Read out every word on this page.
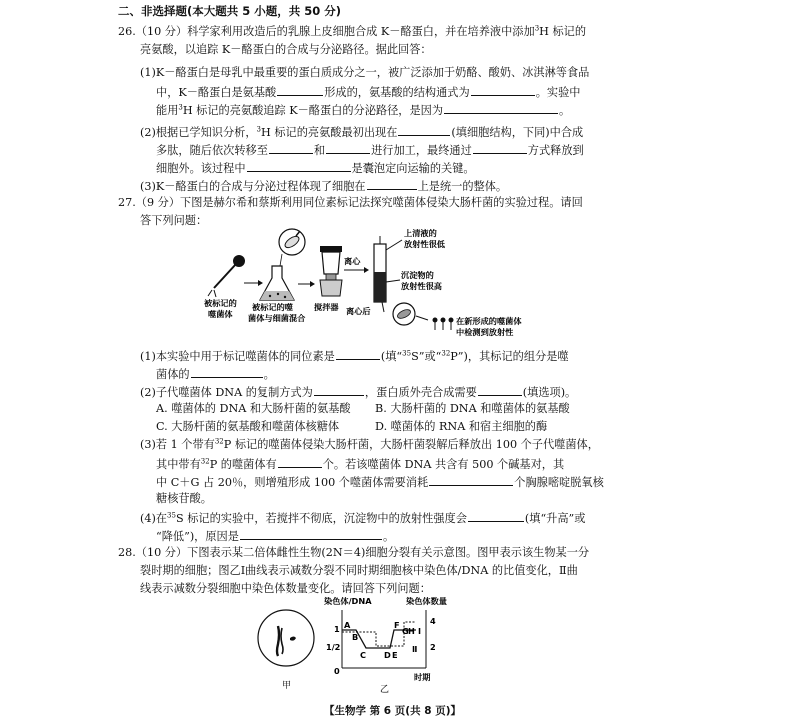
二、非选择题(本大题共 5 小题，共 50 分)
26.（10 分）科学家利用改造后的乳腺上皮细胞合成 K－酪蛋白，并在培养液中添加$^3$H 标记的
亮氨酸，以追踪 K－酪蛋白的合成与分泌路径。据此回答：
(1)K－酪蛋白是母乳中最重要的蛋白质成分之一，被广泛添加于奶酪、酸奶、冰淇淋等食品
中，K－酪蛋白是氨基酸	形成的，氨基酸的结构通式为	。实验中
能用$^3$H 标记的亮氨酸追踪 K－酪蛋白的分泌路径，是因为	。
(2)根据已学知识分析，$^3$H 标记的亮氨酸最初出现在	(填细胞结构，下同)中合成
多肽，随后依次转移至	和	进行加工，最终通过	方式释放到
细胞外。该过程中	是囊泡定向运输的关键。
(3)K－酪蛋白的合成与分泌过程体现了细胞在	上是统一的整体。
27.（9 分）下图是赫尔希和蔡斯利用同位素标记法探究噬菌体侵染大肠杆菌的实验过程。请回
答下列问题：
被标记的
噬菌体
被标记的噬
菌体与细菌混合
搅拌器
离心
离心后
上清液的
放射性很低
沉淀物的
放射性很高
在新形成的噬菌体
中检测到放射性
(1)本实验中用于标记噬菌体的同位素是	(填“$^{35}$S”或“$^{32}$P”)，其标记的组分是噬
菌体的	。
(2)子代噬菌体 DNA 的复制方式为	，蛋白质外壳合成需要	(填选项)。
A. 噬菌体的 DNA 和大肠杆菌的氨基酸 B. 大肠杆菌的 DNA 和噬菌体的氨基酸
C. 大肠杆菌的氨基酸和噬菌体核糖体	D. 噬菌体的 RNA 和宿主细胞的酶
(3)若 1 个带有$^{32}$P 标记的噬菌体侵染大肠杆菌，大肠杆菌裂解后释放出 100 个子代噬菌体，
其中带有$^{32}$P 的噬菌体有	个。若该噬菌体 DNA 共含有 500 个碱基对，其
中 C＋G 占 20％，则增殖形成 100 个噬菌体需要消耗	个胸腺嘧啶脱氧核
糖核苷酸。
(4)在$^{35}$S 标记的实验中，若搅拌不彻底，沉淀物中的放射性强度会	(填“升高”或
“降低”)，原因是	。
28.（10 分）下图表示某二倍体雌性生物(2N＝4)细胞分裂有关示意图。图甲表示该生物某一分
裂时期的细胞；图乙Ⅰ曲线表示减数分裂不同时期细胞核中染色体/DNA 的比值变化，Ⅱ曲
线表示减数分裂细胞中染色体数量变化。请回答下列问题：
甲
染色体/DNA	染色体数量
1
1/2
0
4
2
时期
A
B
C D E
F
G H Ⅰ
Ⅱ
乙
【生物学 第 6 页(共 8 页)】
